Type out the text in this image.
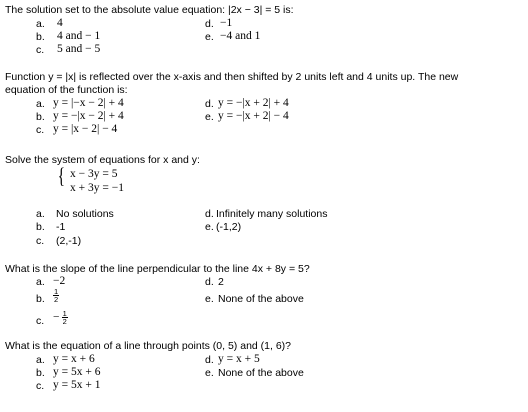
The solution set to the absolute value equation: |2x − 3| = 5 is:
a. 4
b. 4 and − 1
c. 5 and − 5
d. −1
e. −4 and 1
Function y = |x| is reflected over the x-axis and then shifted by 2 units left and 4 units up. The new
equation of the function is:
a. y = |−x − 2| + 4
b. y = −|x − 2| + 4
c. y = |x − 2| − 4
d. y = −|x + 2| + 4
e. y = −|x + 2| − 4
Solve the system of equations for x and y:
{ x − 3y = 5
x + 3y = −1
a. No solutions
b. -1
c. (2,-1)
d. Infinitely many solutions
e. (-1,2)
What is the slope of the line perpendicular to the line 4x + 8y = 5?
a. −2
b. $\frac{1}{2}$
c. −  $\frac{1}{2}$
d. 2
e. None of the above
What is the equation of a line through points (0, 5) and (1, 6)?
a. y = x + 6
b. y = 5x + 6
c. y = 5x + 1
d. y = x + 5
e. None of the above
